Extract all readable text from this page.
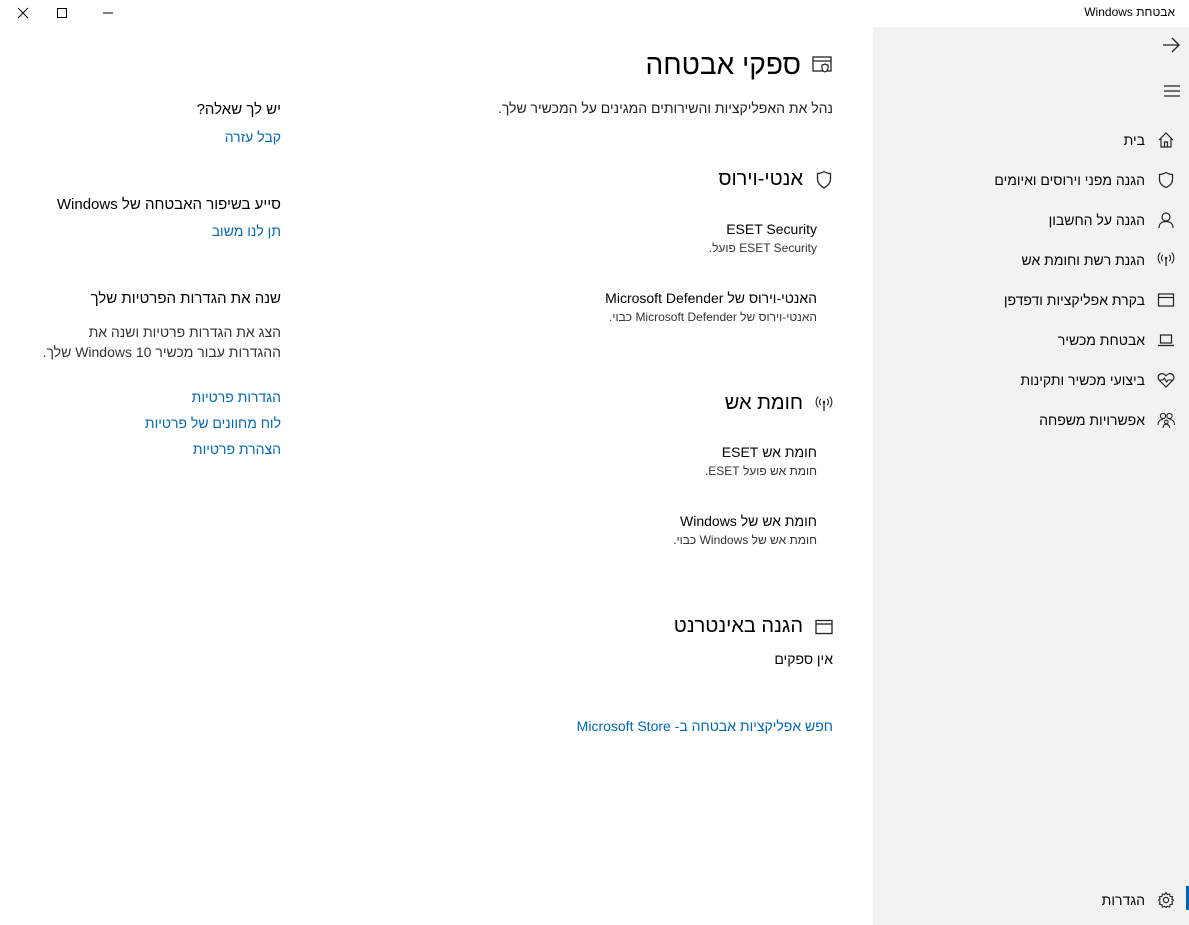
אבטחת Windows
בית
הגנה מפני וירוסים ואיומים
הגנה על החשבון
הגנת רשת וחומת אש
בקרת אפליקציות ודפדפן
אבטחת מכשיר
ביצועי מכשיר ותקינות
אפשרויות משפחה
הגדרות
ספקי אבטחה
נהל את האפליקציות והשירותים המגינים על המכשיר שלך.
אנטי-וירוס
ESET Security
ESET Security פועל.
האנטי-וירוס של Microsoft Defender
האנטי-וירוס של Microsoft Defender כבוי.
חומת אש
חומת אש ESET
חומת אש פועל ESET.
חומת אש של Windows
חומת אש של Windows כבוי.
הגנה באינטרנט
אין ספקים
חפש אפליקציות אבטחה ב- Microsoft Store
יש לך שאלה?
קבל עזרה
סייע בשיפור האבטחה של Windows
תן לנו משוב
שנה את הגדרות הפרטיות שלך
הצג את הגדרות פרטיות ושנה את ההגדרות עבור מכשיר Windows 10 שלך.
הגדרות פרטיות
לוח מחוונים של פרטיות
הצהרת פרטיות
